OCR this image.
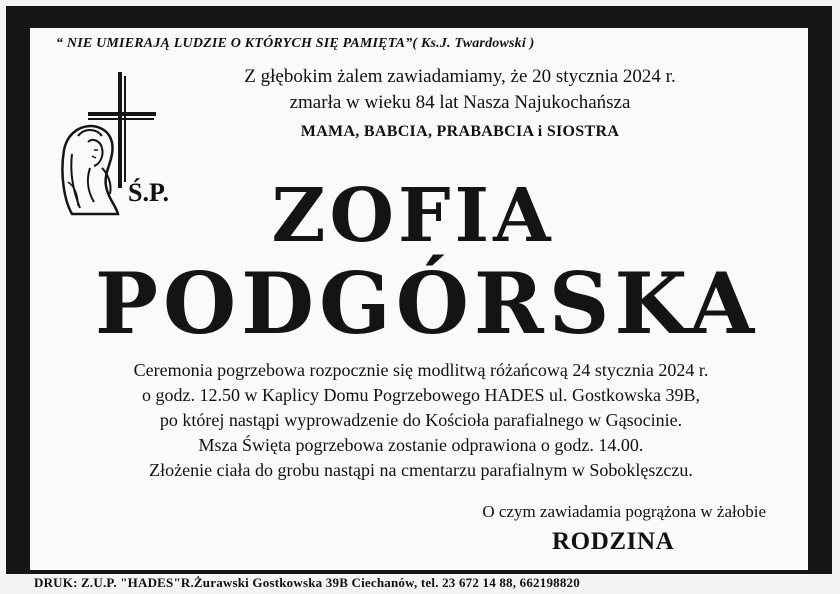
“ NIE UMIERAJĄ LUDZIE O KTÓRYCH SIĘ PAMIĘTA”( Ks.J. Twardowski )
Z głębokim żalem zawiadamiamy, że 20 stycznia 2024 r.
zmarła w wieku 84 lat Nasza Najukochańsza
MAMA, BABCIA, PRABABCIA i SIOSTRA
Ś.P.	ZOFIA
PODGÓRSKA
Ceremonia pogrzebowa rozpocznie się modlitwą różańcową 24 stycznia 2024 r.
o godz. 12.50 w Kaplicy Domu Pogrzebowego HADES ul. Gostkowska 39B,
po której nastąpi wyprowadzenie do Kościoła parafialnego w Gąsocinie.
Msza Święta pogrzebowa zostanie odprawiona o godz. 14.00.
Złożenie ciała do grobu nastąpi na cmentarzu parafialnym w Soboklęszczu.
O czym zawiadamia pogrążona w żałobie
RODZINA
DRUK: Z.U.P. "HADES"R.Żurawski Gostkowska 39B Ciechanów, tel. 23 672 14 88, 662198820
